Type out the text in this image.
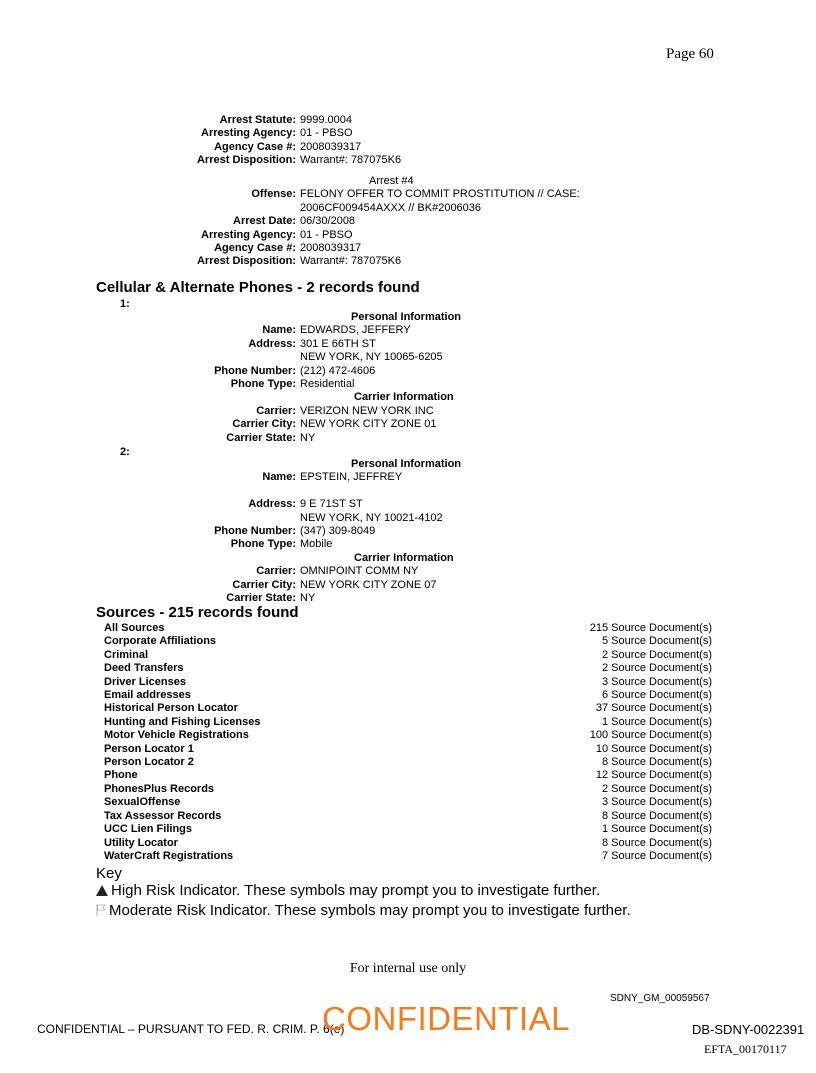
Page 60
Arrest Statute: 9999.0004
Arresting Agency: 01 - PBSO
Agency Case #: 2008039317
Arrest Disposition: Warrant#: 787075K6
Arrest #4
Offense: FELONY OFFER TO COMMIT PROSTITUTION // CASE:
2006CF009454AXXX // BK#2006036
Arrest Date: 06/30/2008
Arresting Agency: 01 - PBSO
Agency Case #: 2008039317
Arrest Disposition: Warrant#: 787075K6
Cellular & Alternate Phones - 2 records found
1:
Personal Information
Name: EDWARDS, JEFFERY
Address: 301 E 66TH ST
NEW YORK, NY 10065-6205
Phone Number: (212) 472-4606
Phone Type: Residential
Carrier Information
Carrier: VERIZON NEW YORK INC
Carrier City: NEW YORK CITY ZONE 01
Carrier State: NY
2:
Personal Information
Name: EPSTEIN, JEFFREY
Address: 9 E 71ST ST
NEW YORK, NY 10021-4102
Phone Number: (347) 309-8049
Phone Type: Mobile
Carrier Information
Carrier: OMNIPOINT COMM NY
Carrier City: NEW YORK CITY ZONE 07
Carrier State: NY
Sources - 215 records found
All Sources	215 Source Document(s)
Corporate Affiliations	5 Source Document(s)
Criminal	2 Source Document(s)
Deed Transfers	2 Source Document(s)
Driver Licenses	3 Source Document(s)
Email addresses	6 Source Document(s)
Historical Person Locator	37 Source Document(s)
Hunting and Fishing Licenses	1 Source Document(s)
Motor Vehicle Registrations	100 Source Document(s)
Person Locator 1	10 Source Document(s)
Person Locator 2	8 Source Document(s)
Phone	12 Source Document(s)
PhonesPlus Records	2 Source Document(s)
SexualOffense	3 Source Document(s)
Tax Assessor Records	8 Source Document(s)
UCC Lien Filings	1 Source Document(s)
Utility Locator	8 Source Document(s)
WaterCraft Registrations	7 Source Document(s)
Key
High Risk Indicator. These symbols may prompt you to investigate further.
Moderate Risk Indicator. These symbols may prompt you to investigate further.
For internal use only
SDNY_GM_00059567
CONFIDENTIAL – PURSUANT TO FED. R. CRIM. P. 6(e)
CONFIDENTIAL	DB-SDNY-0022391
EFTA_00170117
